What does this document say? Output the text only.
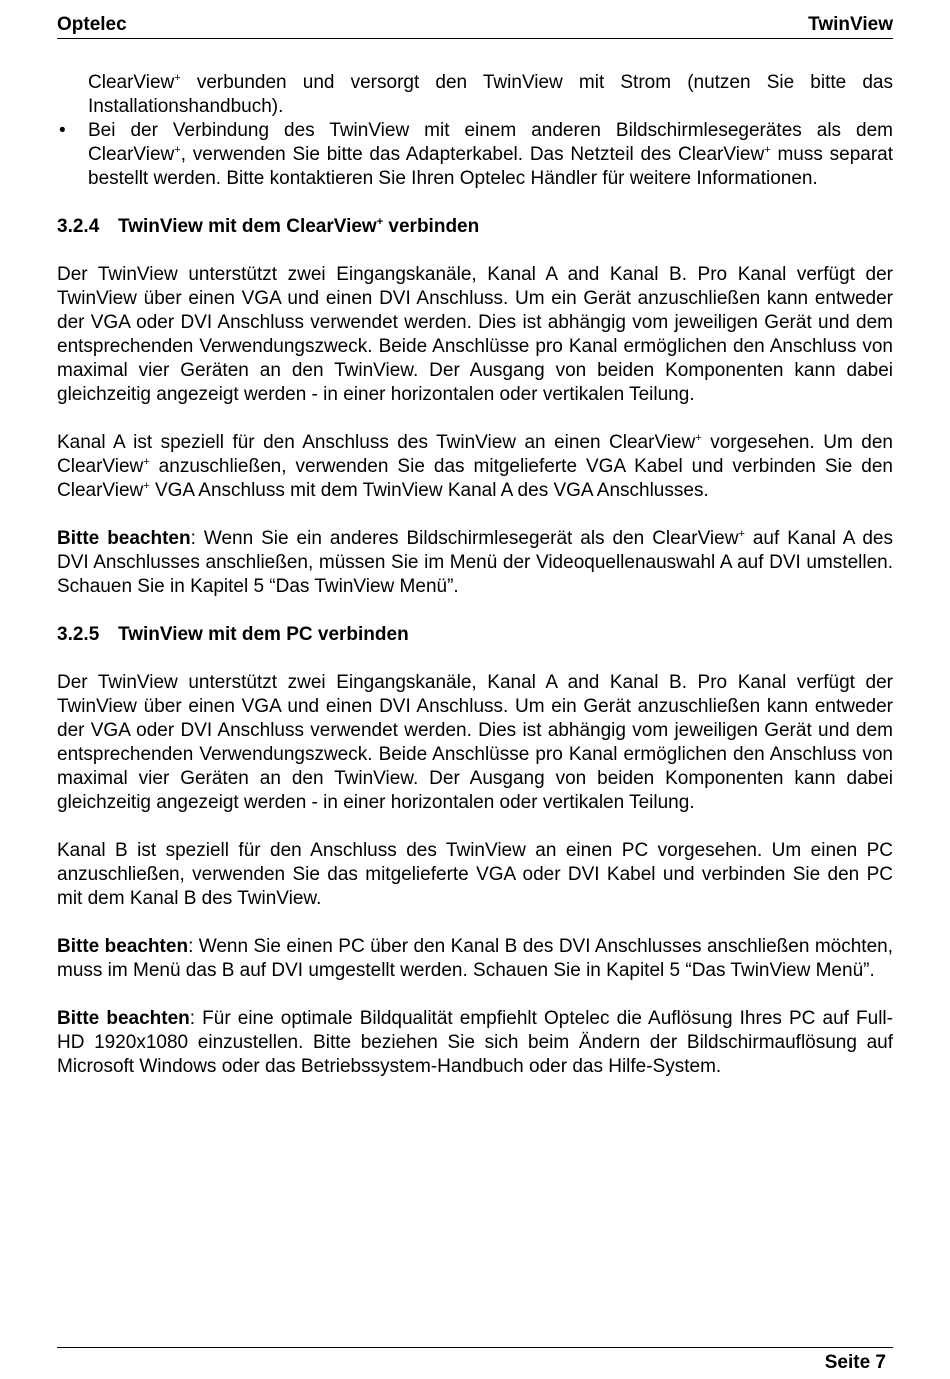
Optelec	TwinView

ClearView+ verbunden und versorgt den TwinView mit Strom (nutzen Sie bitte das Installationshandbuch).

• Bei der Verbindung des TwinView mit einem anderen Bildschirmlesegerätes als dem ClearView+, verwenden Sie bitte das Adapterkabel. Das Netzteil des ClearView+ muss separat bestellt werden. Bitte kontaktieren Sie Ihren Optelec Händler für weitere Informationen.
3.2.4 TwinView mit dem ClearView+ verbinden

Der TwinView unterstützt zwei Eingangskanäle, Kanal A and Kanal B. Pro Kanal verfügt der TwinView über einen VGA und einen DVI Anschluss. Um ein Gerät anzuschließen kann entweder der VGA oder DVI Anschluss verwendet werden. Dies ist abhängig vom jeweiligen Gerät und dem entsprechenden Verwendungszweck. Beide Anschlüsse pro Kanal ermöglichen den Anschluss von maximal vier Geräten an den TwinView. Der Ausgang von beiden Komponenten kann dabei gleichzeitig angezeigt werden - in einer horizontalen oder vertikalen Teilung.

Kanal A ist speziell für den Anschluss des TwinView an einen ClearView+ vorgesehen. Um den ClearView+ anzuschließen, verwenden Sie das mitgelieferte VGA Kabel und verbinden Sie den ClearView+ VGA Anschluss mit dem TwinView Kanal A des VGA Anschlusses.

Bitte beachten: Wenn Sie ein anderes Bildschirmlesegerät als den ClearView+ auf Kanal A des DVI Anschlusses anschließen, müssen Sie im Menü der Videoquellenauswahl A auf DVI umstellen. Schauen Sie in Kapitel 5 “Das TwinView Menü”.

3.2.5 TwinView mit dem PC verbinden

Der TwinView unterstützt zwei Eingangskanäle, Kanal A and Kanal B. Pro Kanal verfügt der TwinView über einen VGA und einen DVI Anschluss. Um ein Gerät anzuschließen kann entweder der VGA oder DVI Anschluss verwendet werden. Dies ist abhängig vom jeweiligen Gerät und dem entsprechenden Verwendungszweck. Beide Anschlüsse pro Kanal ermöglichen den Anschluss von maximal vier Geräten an den TwinView. Der Ausgang von beiden Komponenten kann dabei gleichzeitig angezeigt werden - in einer horizontalen oder vertikalen Teilung.

Kanal B ist speziell für den Anschluss des TwinView an einen PC vorgesehen. Um einen PC anzuschließen, verwenden Sie das mitgelieferte VGA oder DVI Kabel und verbinden Sie den PC mit dem Kanal B des TwinView.

Bitte beachten: Wenn Sie einen PC über den Kanal B des DVI Anschlusses anschließen möchten, muss im Menü das B auf DVI umgestellt werden. Schauen Sie in Kapitel 5 “Das TwinView Menü”.

Bitte beachten: Für eine optimale Bildqualität empfiehlt Optelec die Auflösung Ihres PC auf Full-HD 1920x1080 einzustellen. Bitte beziehen Sie sich beim Ändern der Bildschirmauflösung auf Microsoft Windows oder das Betriebssystem-Handbuch oder das Hilfe-System.

Seite 7
